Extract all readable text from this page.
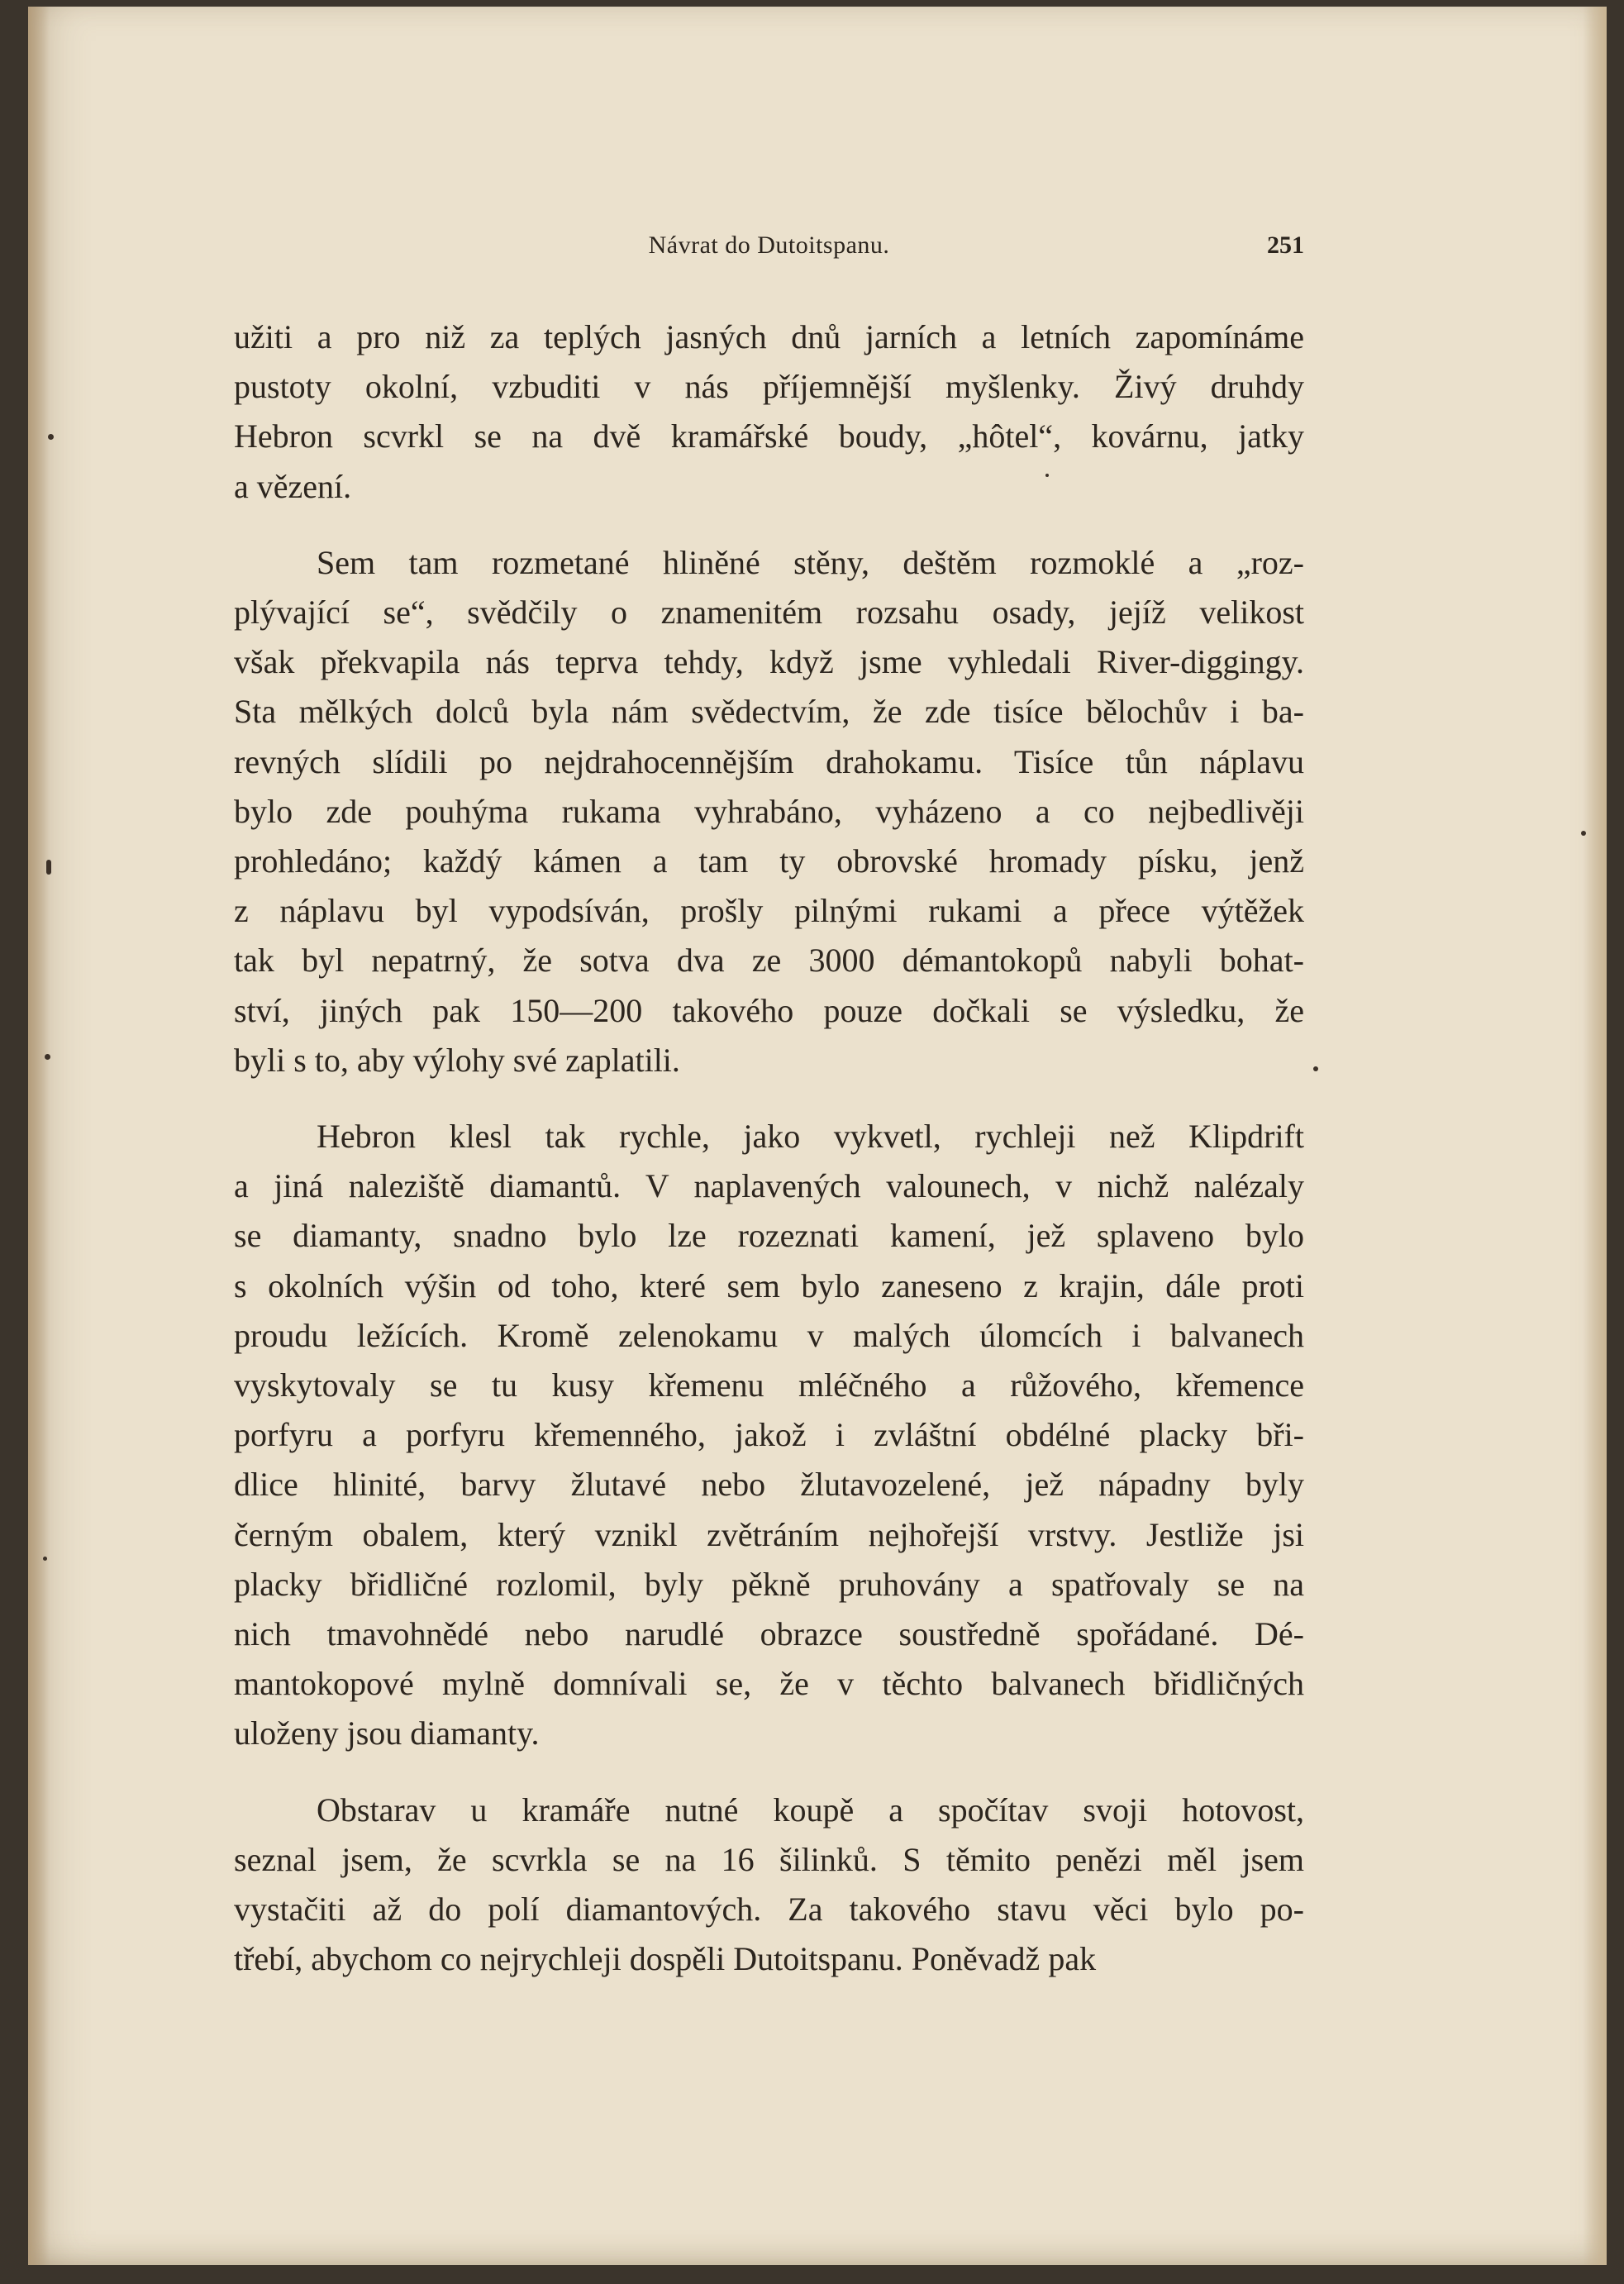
Návrat do Dutoitspanu.	251

užiti a pro niž za teplých jasných dnů jarních a letních zapomínáme
pustoty okolní, vzbuditi v nás příjemnější myšlenky. Živý druhdy
Hebron scvrkl se na dvě kramářské boudy, „hôtel“, kovárnu, jatky
a vězení.

Sem tam rozmetané hliněné stěny, deštěm rozmoklé a „roz-
plývající se“, svědčily o znamenitém rozsahu osady, jejíž velikost
však překvapila nás teprva tehdy, když jsme vyhledali River-diggingy.
Sta mělkých dolců byla nám svědectvím, že zde tisíce bělochův i ba-
revných slídili po nejdrahocennějším drahokamu. Tisíce tůn náplavu
bylo zde pouhýma rukama vyhrabáno, vyházeno a co nejbedlivěji
prohledáno; každý kámen a tam ty obrovské hromady písku, jenž
z náplavu byl vypodsíván, prošly pilnými rukami a přece výtěžek
tak byl nepatrný, že sotva dva ze 3000 démantokopů nabyli bohat-
ství, jiných pak 150—200 takového pouze dočkali se výsledku, že
byli s to, aby výlohy své zaplatili.

Hebron klesl tak rychle, jako vykvetl, rychleji než Klipdrift
a jiná naleziště diamantů. V naplavených valounech, v nichž nalézaly
se diamanty, snadno bylo lze rozeznati kamení, jež splaveno bylo
s okolních výšin od toho, které sem bylo zaneseno z krajin, dále proti
proudu ležících. Kromě zelenokamu v malých úlomcích i balvanech
vyskytovaly se tu kusy křemenu mléčného a růžového, křemence
porfyru a porfyru křemenného, jakož i zvláštní obdélné placky bři-
dlice hlinité, barvy žlutavé nebo žlutavozelené, jež nápadny byly
černým obalem, který vznikl zvětráním nejhořejší vrstvy. Jestliže jsi
placky břidličné rozlomil, byly pěkně pruhovány a spatřovaly se na
nich tmavohnědé nebo narudlé obrazce soustředně spořádané. Dé-
mantokopové mylně domnívali se, že v těchto balvanech břidličných
uloženy jsou diamanty.

Obstarav u kramáře nutné koupě a spočítav svoji hotovost,
seznal jsem, že scvrkla se na 16 šilinků. S těmito penězi měl jsem
vystačiti až do polí diamantových. Za takového stavu věci bylo po-
třebí, abychom co nejrychleji dospěli Dutoitspanu. Poněvadž pak
